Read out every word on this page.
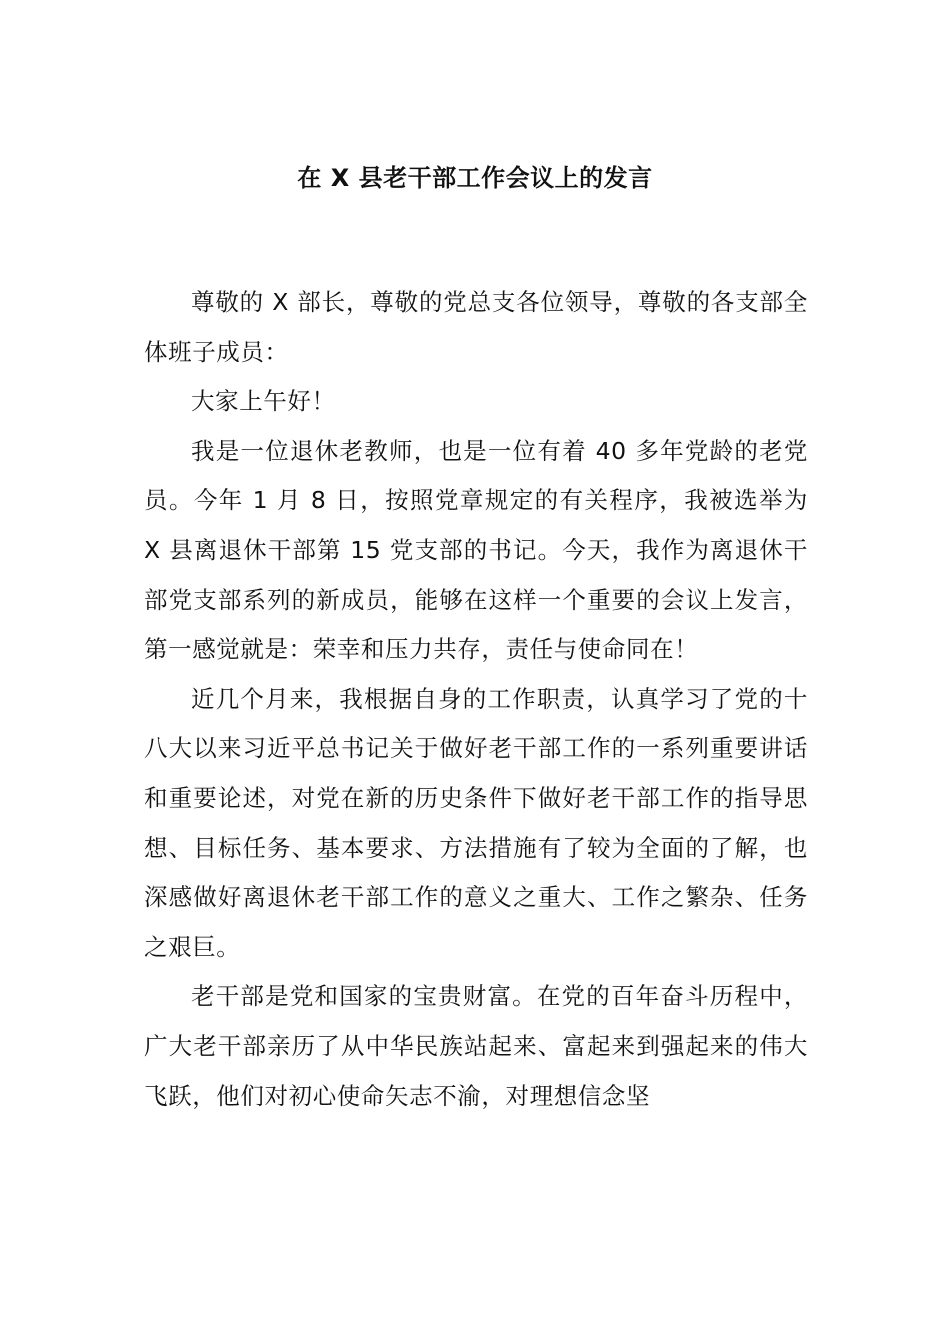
在 X 县老干部工作会议上的发言

尊敬的 X 部长，尊敬的党总支各位领导，尊敬的各支部全体班子成员：

大家上午好！

我是一位退休老教师，也是一位有着 40 多年党龄的老党员。今年 1 月 8 日，按照党章规定的有关程序，我被选举为 X 县离退休干部第 15 党支部的书记。今天，我作为离退休干部党支部系列的新成员，能够在这样一个重要的会议上发言，第一感觉就是：荣幸和压力共存，责任与使命同在！

近几个月来，我根据自身的工作职责，认真学习了党的十八大以来习近平总书记关于做好老干部工作的一系列重要讲话和重要论述，对党在新的历史条件下做好老干部工作的指导思想、目标任务、基本要求、方法措施有了较为全面的了解，也深感做好离退休老干部工作的意义之重大、工作之繁杂、任务之艰巨。

老干部是党和国家的宝贵财富。在党的百年奋斗历程中，广大老干部亲历了从中华民族站起来、富起来到强起来的伟大飞跃，他们对初心使命矢志不渝，对理想信念坚
